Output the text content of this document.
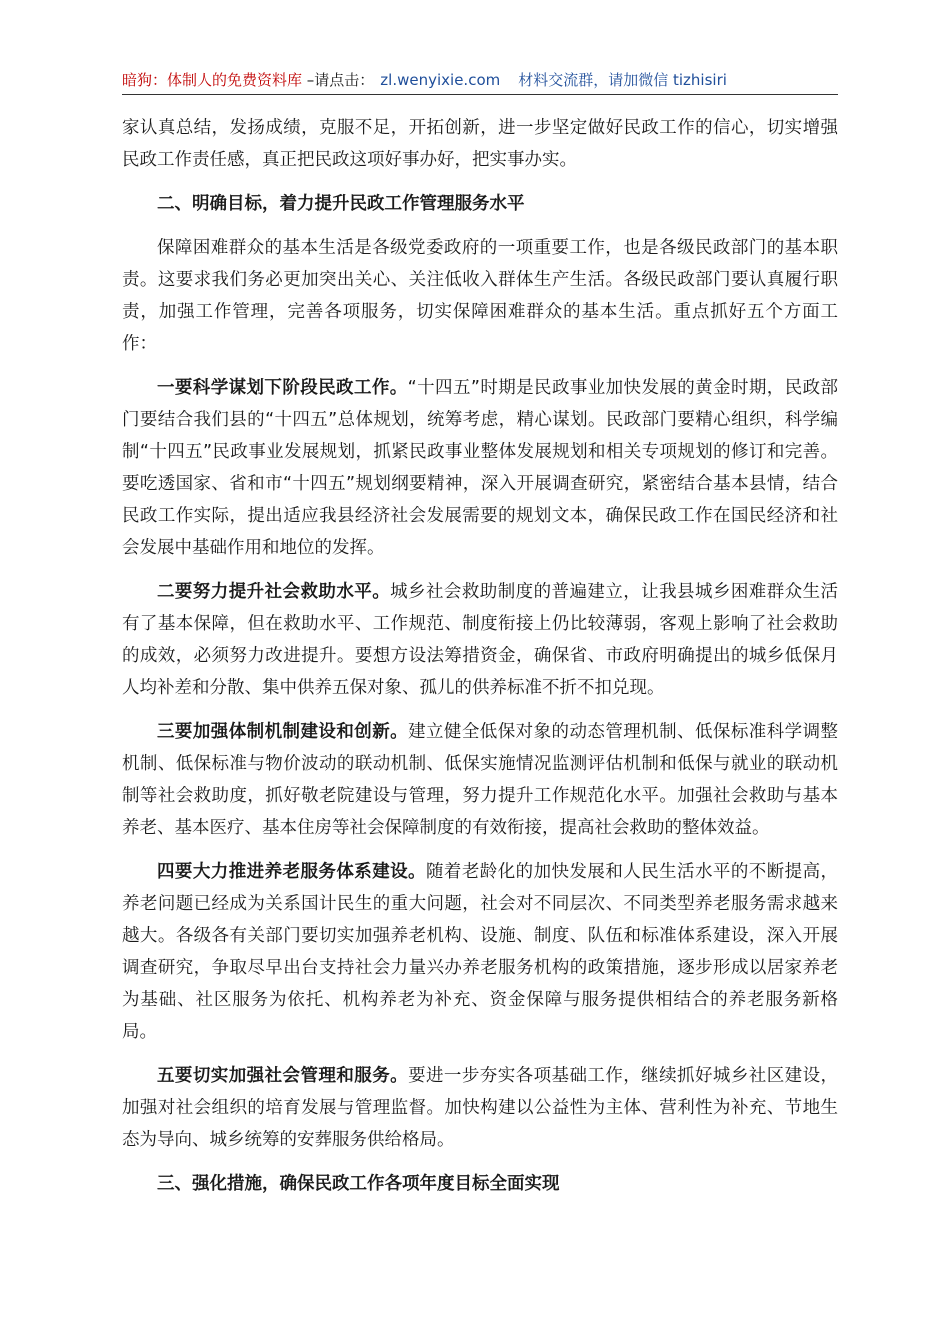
暗狗：体制人的免费资料库 –请点击： zl.wenyixie.com 材料交流群，请加微信 tizhisiri

家认真总结，发扬成绩，克服不足，开拓创新，进一步坚定做好民政工作的信心，切实增强民政工作责任感，真正把民政这项好事办好，把实事办实。

二、明确目标，着力提升民政工作管理服务水平

保障困难群众的基本生活是各级党委政府的一项重要工作，也是各级民政部门的基本职责。这要求我们务必更加突出关心、关注低收入群体生产生活。各级民政部门要认真履行职责，加强工作管理，完善各项服务，切实保障困难群众的基本生活。重点抓好五个方面工作：

一要科学谋划下阶段民政工作。“十四五”时期是民政事业加快发展的黄金时期，民政部门要结合我们县的“十四五”总体规划，统筹考虑，精心谋划。民政部门要精心组织，科学编制“十四五”民政事业发展规划，抓紧民政事业整体发展规划和相关专项规划的修订和完善。要吃透国家、省和市“十四五”规划纲要精神，深入开展调查研究，紧密结合基本县情，结合民政工作实际，提出适应我县经济社会发展需要的规划文本，确保民政工作在国民经济和社会发展中基础作用和地位的发挥。

二要努力提升社会救助水平。城乡社会救助制度的普遍建立，让我县城乡困难群众生活有了基本保障，但在救助水平、工作规范、制度衔接上仍比较薄弱，客观上影响了社会救助的成效，必须努力改进提升。要想方设法筹措资金，确保省、市政府明确提出的城乡低保月人均补差和分散、集中供养五保对象、孤儿的供养标准不折不扣兑现。

三要加强体制机制建设和创新。建立健全低保对象的动态管理机制、低保标准科学调整机制、低保标准与物价波动的联动机制、低保实施情况监测评估机制和低保与就业的联动机制等社会救助度，抓好敬老院建设与管理，努力提升工作规范化水平。加强社会救助与基本养老、基本医疗、基本住房等社会保障制度的有效衔接，提高社会救助的整体效益。

四要大力推进养老服务体系建设。随着老龄化的加快发展和人民生活水平的不断提高，养老问题已经成为关系国计民生的重大问题，社会对不同层次、不同类型养老服务需求越来越大。各级各有关部门要切实加强养老机构、设施、制度、队伍和标准体系建设，深入开展调查研究，争取尽早出台支持社会力量兴办养老服务机构的政策措施，逐步形成以居家养老为基础、社区服务为依托、机构养老为补充、资金保障与服务提供相结合的养老服务新格局。

五要切实加强社会管理和服务。要进一步夯实各项基础工作，继续抓好城乡社区建设，加强对社会组织的培育发展与管理监督。加快构建以公益性为主体、营利性为补充、节地生态为导向、城乡统筹的安葬服务供给格局。

三、强化措施，确保民政工作各项年度目标全面实现
